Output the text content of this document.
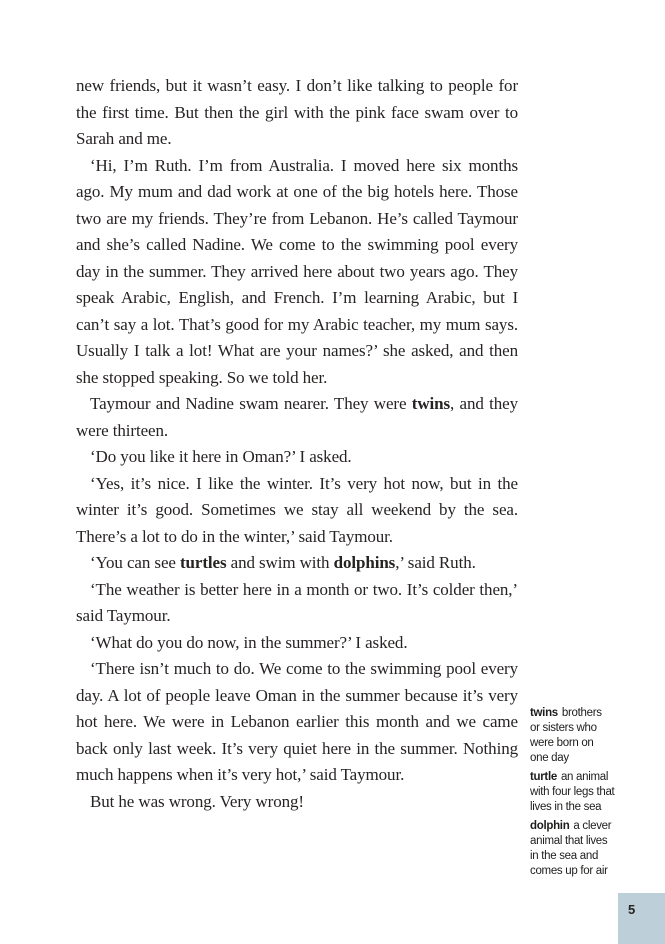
new friends, but it wasn’t easy. I don’t like talking to people for the first time. But then the girl with the pink face swam over to Sarah and me.

‘Hi, I’m Ruth. I’m from Australia. I moved here six months ago. My mum and dad work at one of the big hotels here. Those two are my friends. They’re from Lebanon. He’s called Taymour and she’s called Nadine. We come to the swimming pool every day in the summer. They arrived here about two years ago. They speak Arabic, English, and French. I’m learning Arabic, but I can’t say a lot. That’s good for my Arabic teacher, my mum says. Usually I talk a lot! What are your names?’ she asked, and then she stopped speaking. So we told her.

Taymour and Nadine swam nearer. They were twins, and they were thirteen.

‘Do you like it here in Oman?’ I asked.

‘Yes, it’s nice. I like the winter. It’s very hot now, but in the winter it’s good. Sometimes we stay all weekend by the sea. There’s a lot to do in the winter,’ said Taymour.

‘You can see turtles and swim with dolphins,’ said Ruth.

‘The weather is better here in a month or two. It’s colder then,’ said Taymour.

‘What do you do now, in the summer?’ I asked.

‘There isn’t much to do. We come to the swimming pool every day. A lot of people leave Oman in the summer because it’s very hot here. We were in Lebanon earlier this month and we came back only last week. It’s very quiet here in the summer. Nothing much happens when it’s very hot,’ said Taymour.

But he was wrong. Very wrong!

twins brothers
or sisters who
were born on
one day

turtle an animal
with four legs that
lives in the sea

dolphin a clever
animal that lives
in the sea and
comes up for air

5
